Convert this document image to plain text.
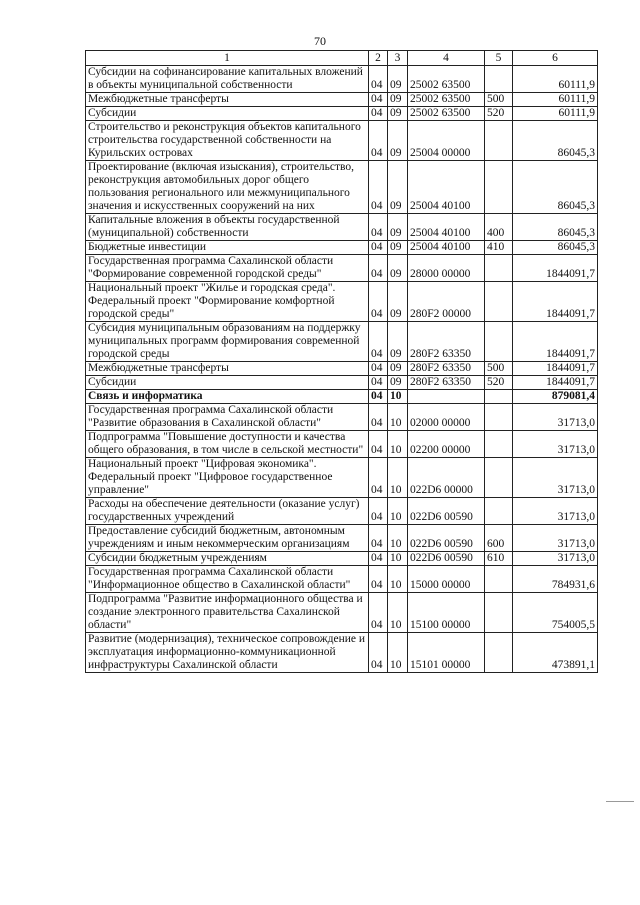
70
1	2	3	4	5	6
Субсидии на софинансирование капитальных вложений в объекты муниципальной собственности	04	09	25002 63500		60111,9
Межбюджетные трансферты	04	09	25002 63500	500	60111,9
Субсидии	04	09	25002 63500	520	60111,9
Строительство и реконструкция объектов капитального строительства государственной собственности на Курильских островах	04	09	25004 00000		86045,3
Проектирование (включая изыскания), строительство, реконструкция автомобильных дорог общего пользования регионального или межмуниципального значения и искусственных сооружений на них	04	09	25004 40100		86045,3
Капитальные вложения в объекты государственной (муниципальной) собственности	04	09	25004 40100	400	86045,3
Бюджетные инвестиции	04	09	25004 40100	410	86045,3
Государственная программа Сахалинской области "Формирование современной городской среды"	04	09	28000 00000		1844091,7
Национальный проект "Жилье и городская среда". Федеральный проект "Формирование комфортной городской среды"	04	09	280F2 00000		1844091,7
Субсидия муниципальным образованиям на поддержку муниципальных программ формирования современной городской среды	04	09	280F2 63350		1844091,7
Межбюджетные трансферты	04	09	280F2 63350	500	1844091,7
Субсидии	04	09	280F2 63350	520	1844091,7
Связь и информатика	04	10			879081,4
Государственная программа Сахалинской области "Развитие образования в Сахалинской области"	04	10	02000 00000		31713,0
Подпрограмма "Повышение доступности и качества общего образования, в том числе в сельской местности"	04	10	02200 00000		31713,0
Национальный проект "Цифровая экономика". Федеральный проект "Цифровое государственное управление"	04	10	022D6 00000		31713,0
Расходы на обеспечение деятельности (оказание услуг) государственных учреждений	04	10	022D6 00590		31713,0
Предоставление субсидий бюджетным, автономным учреждениям и иным некоммерческим организациям	04	10	022D6 00590	600	31713,0
Субсидии бюджетным учреждениям	04	10	022D6 00590	610	31713,0
Государственная программа Сахалинской области "Информационное общество в Сахалинской области"	04	10	15000 00000		784931,6
Подпрограмма "Развитие информационного общества и создание электронного правительства Сахалинской области"	04	10	15100 00000		754005,5
Развитие (модернизация), техническое сопровождение и эксплуатация информационно-коммуникационной инфраструктуры Сахалинской области	04	10	15101 00000		473891,1
